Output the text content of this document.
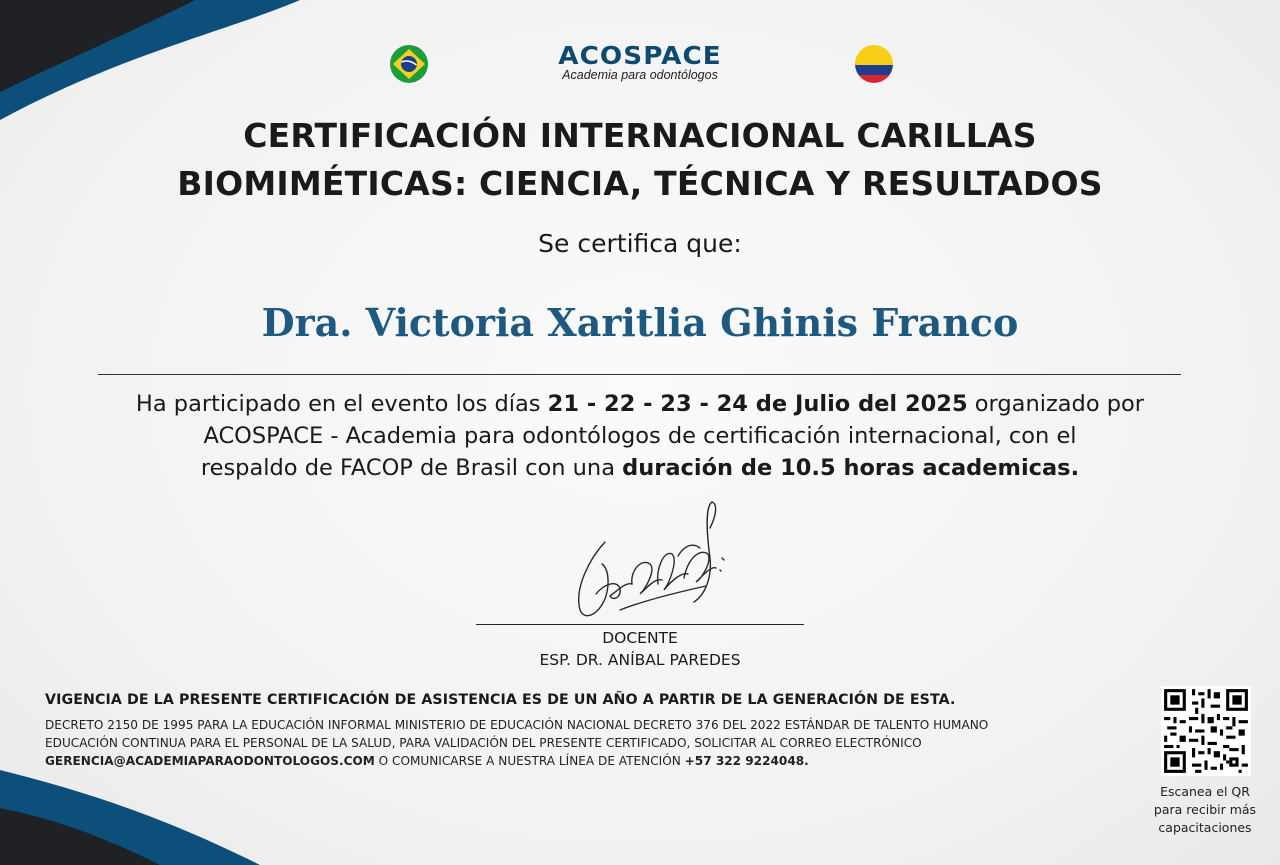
ACOSPACE
Academia para odontólogos
CERTIFICACIÓN INTERNACIONAL CARILLAS
BIOMIMÉTICAS: CIENCIA, TÉCNICA Y RESULTADOS
Se certifica que:
Dra. Victoria Xaritlia Ghinis Franco
Ha participado en el evento los días 21 - 22 - 23 - 24 de Julio del 2025 organizado por
ACOSPACE - Academia para odontólogos de certificación internacional, con el
respaldo de FACOP de Brasil con una duración de 10.5 horas academicas.
DOCENTE
ESP. DR. ANÍBAL PAREDES
VIGENCIA DE LA PRESENTE CERTIFICACIÓN DE ASISTENCIA ES DE UN AÑO A PARTIR DE LA GENERACIÓN DE ESTA.
DECRETO 2150 DE 1995 PARA LA EDUCACIÓN INFORMAL MINISTERIO DE EDUCACIÓN NACIONAL DECRETO 376 DEL 2022 ESTÁNDAR DE TALENTO HUMANO
EDUCACIÓN CONTINUA PARA EL PERSONAL DE LA SALUD, PARA VALIDACIÓN DEL PRESENTE CERTIFICADO, SOLICITAR AL CORREO ELECTRÓNICO
GERENCIA@ACADEMIAPARAODONTOLOGOS.COM O COMUNICARSE A NUESTRA LÍNEA DE ATENCIÓN +57 322 9224048.
Escanea el QR
para recibir más
capacitaciones
